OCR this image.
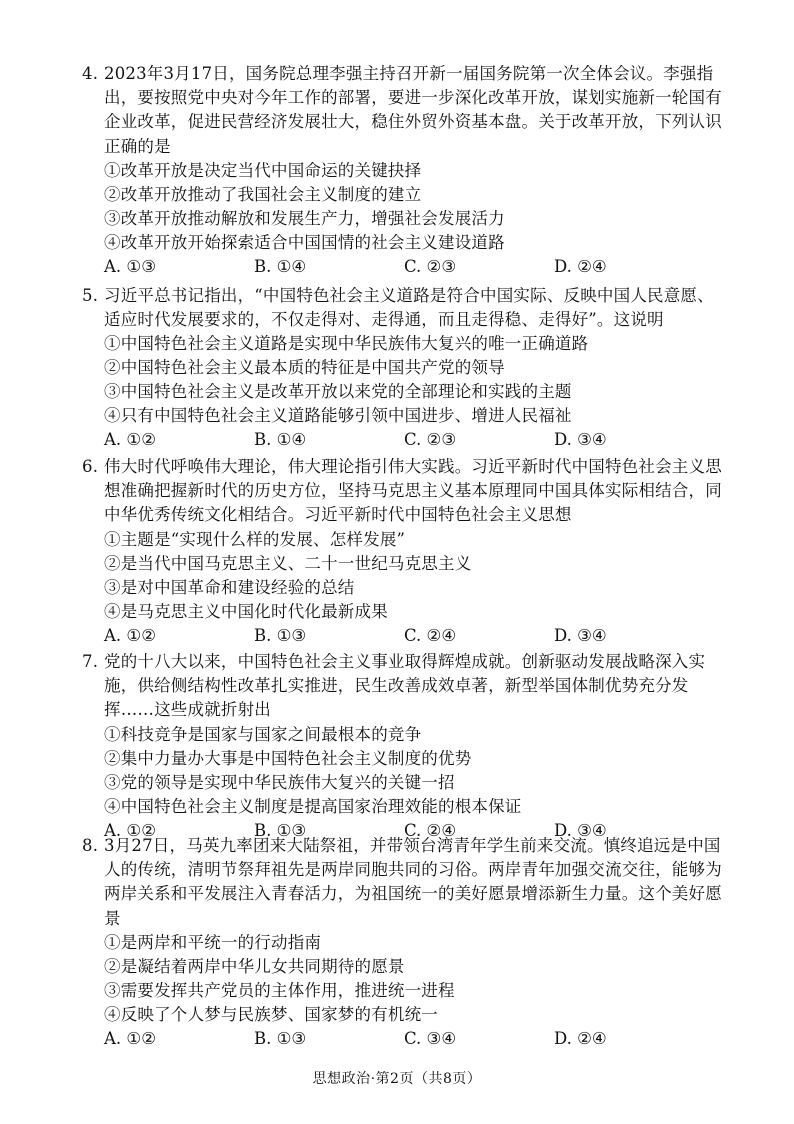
4. 2023年3月17日，国务院总理李强主持召开新一届国务院第一次全体会议。李强指出，要按照党中央对今年工作的部署，要进一步深化改革开放，谋划实施新一轮国有企业改革，促进民营经济发展壮大，稳住外贸外资基本盘。关于改革开放，下列认识正确的是

①改革开放是决定当代中国命运的关键抉择

②改革开放推动了我国社会主义制度的建立

③改革开放推动解放和发展生产力，增强社会发展活力

④改革开放开始探索适合中国国情的社会主义建设道路

A. ①③	B. ①④	C. ②③	D. ②④

5. 习近平总书记指出，“中国特色社会主义道路是符合中国实际、反映中国人民意愿、适应时代发展要求的，不仅走得对、走得通，而且走得稳、走得好”。这说明

①中国特色社会主义道路是实现中华民族伟大复兴的唯一正确道路

②中国特色社会主义最本质的特征是中国共产党的领导

③中国特色社会主义是改革开放以来党的全部理论和实践的主题

④只有中国特色社会主义道路能够引领中国进步、增进人民福祉

A. ①②	B. ①④	C. ②③	D. ③④

6. 伟大时代呼唤伟大理论，伟大理论指引伟大实践。习近平新时代中国特色社会主义思想准确把握新时代的历史方位，坚持马克思主义基本原理同中国具体实际相结合，同中华优秀传统文化相结合。习近平新时代中国特色社会主义思想

①主题是“实现什么样的发展、怎样发展”

②是当代中国马克思主义、二十一世纪马克思主义

③是对中国革命和建设经验的总结

④是马克思主义中国化时代化最新成果

A. ①②	B. ①③	C. ②④	D. ③④

7. 党的十八大以来，中国特色社会主义事业取得辉煌成就。创新驱动发展战略深入实施，供给侧结构性改革扎实推进，民生改善成效卓著，新型举国体制优势充分发挥……这些成就折射出

①科技竞争是国家与国家之间最根本的竞争

②集中力量办大事是中国特色社会主义制度的优势

③党的领导是实现中华民族伟大复兴的关键一招

④中国特色社会主义制度是提高国家治理效能的根本保证

A. ①②	B. ①③	C. ②④	D. ③④

8. 3月27日，马英九率团来大陆祭祖，并带领台湾青年学生前来交流。慎终追远是中国人的传统，清明节祭拜祖先是两岸同胞共同的习俗。两岸青年加强交流交往，能够为两岸关系和平发展注入青春活力，为祖国统一的美好愿景增添新生力量。这个美好愿景

①是两岸和平统一的行动指南

②是凝结着两岸中华儿女共同期待的愿景

③需要发挥共产党员的主体作用，推进统一进程

④反映了个人梦与民族梦、国家梦的有机统一

A. ①②	B. ①③	C. ③④	D. ②④
思想政治·第2页（共8页）
